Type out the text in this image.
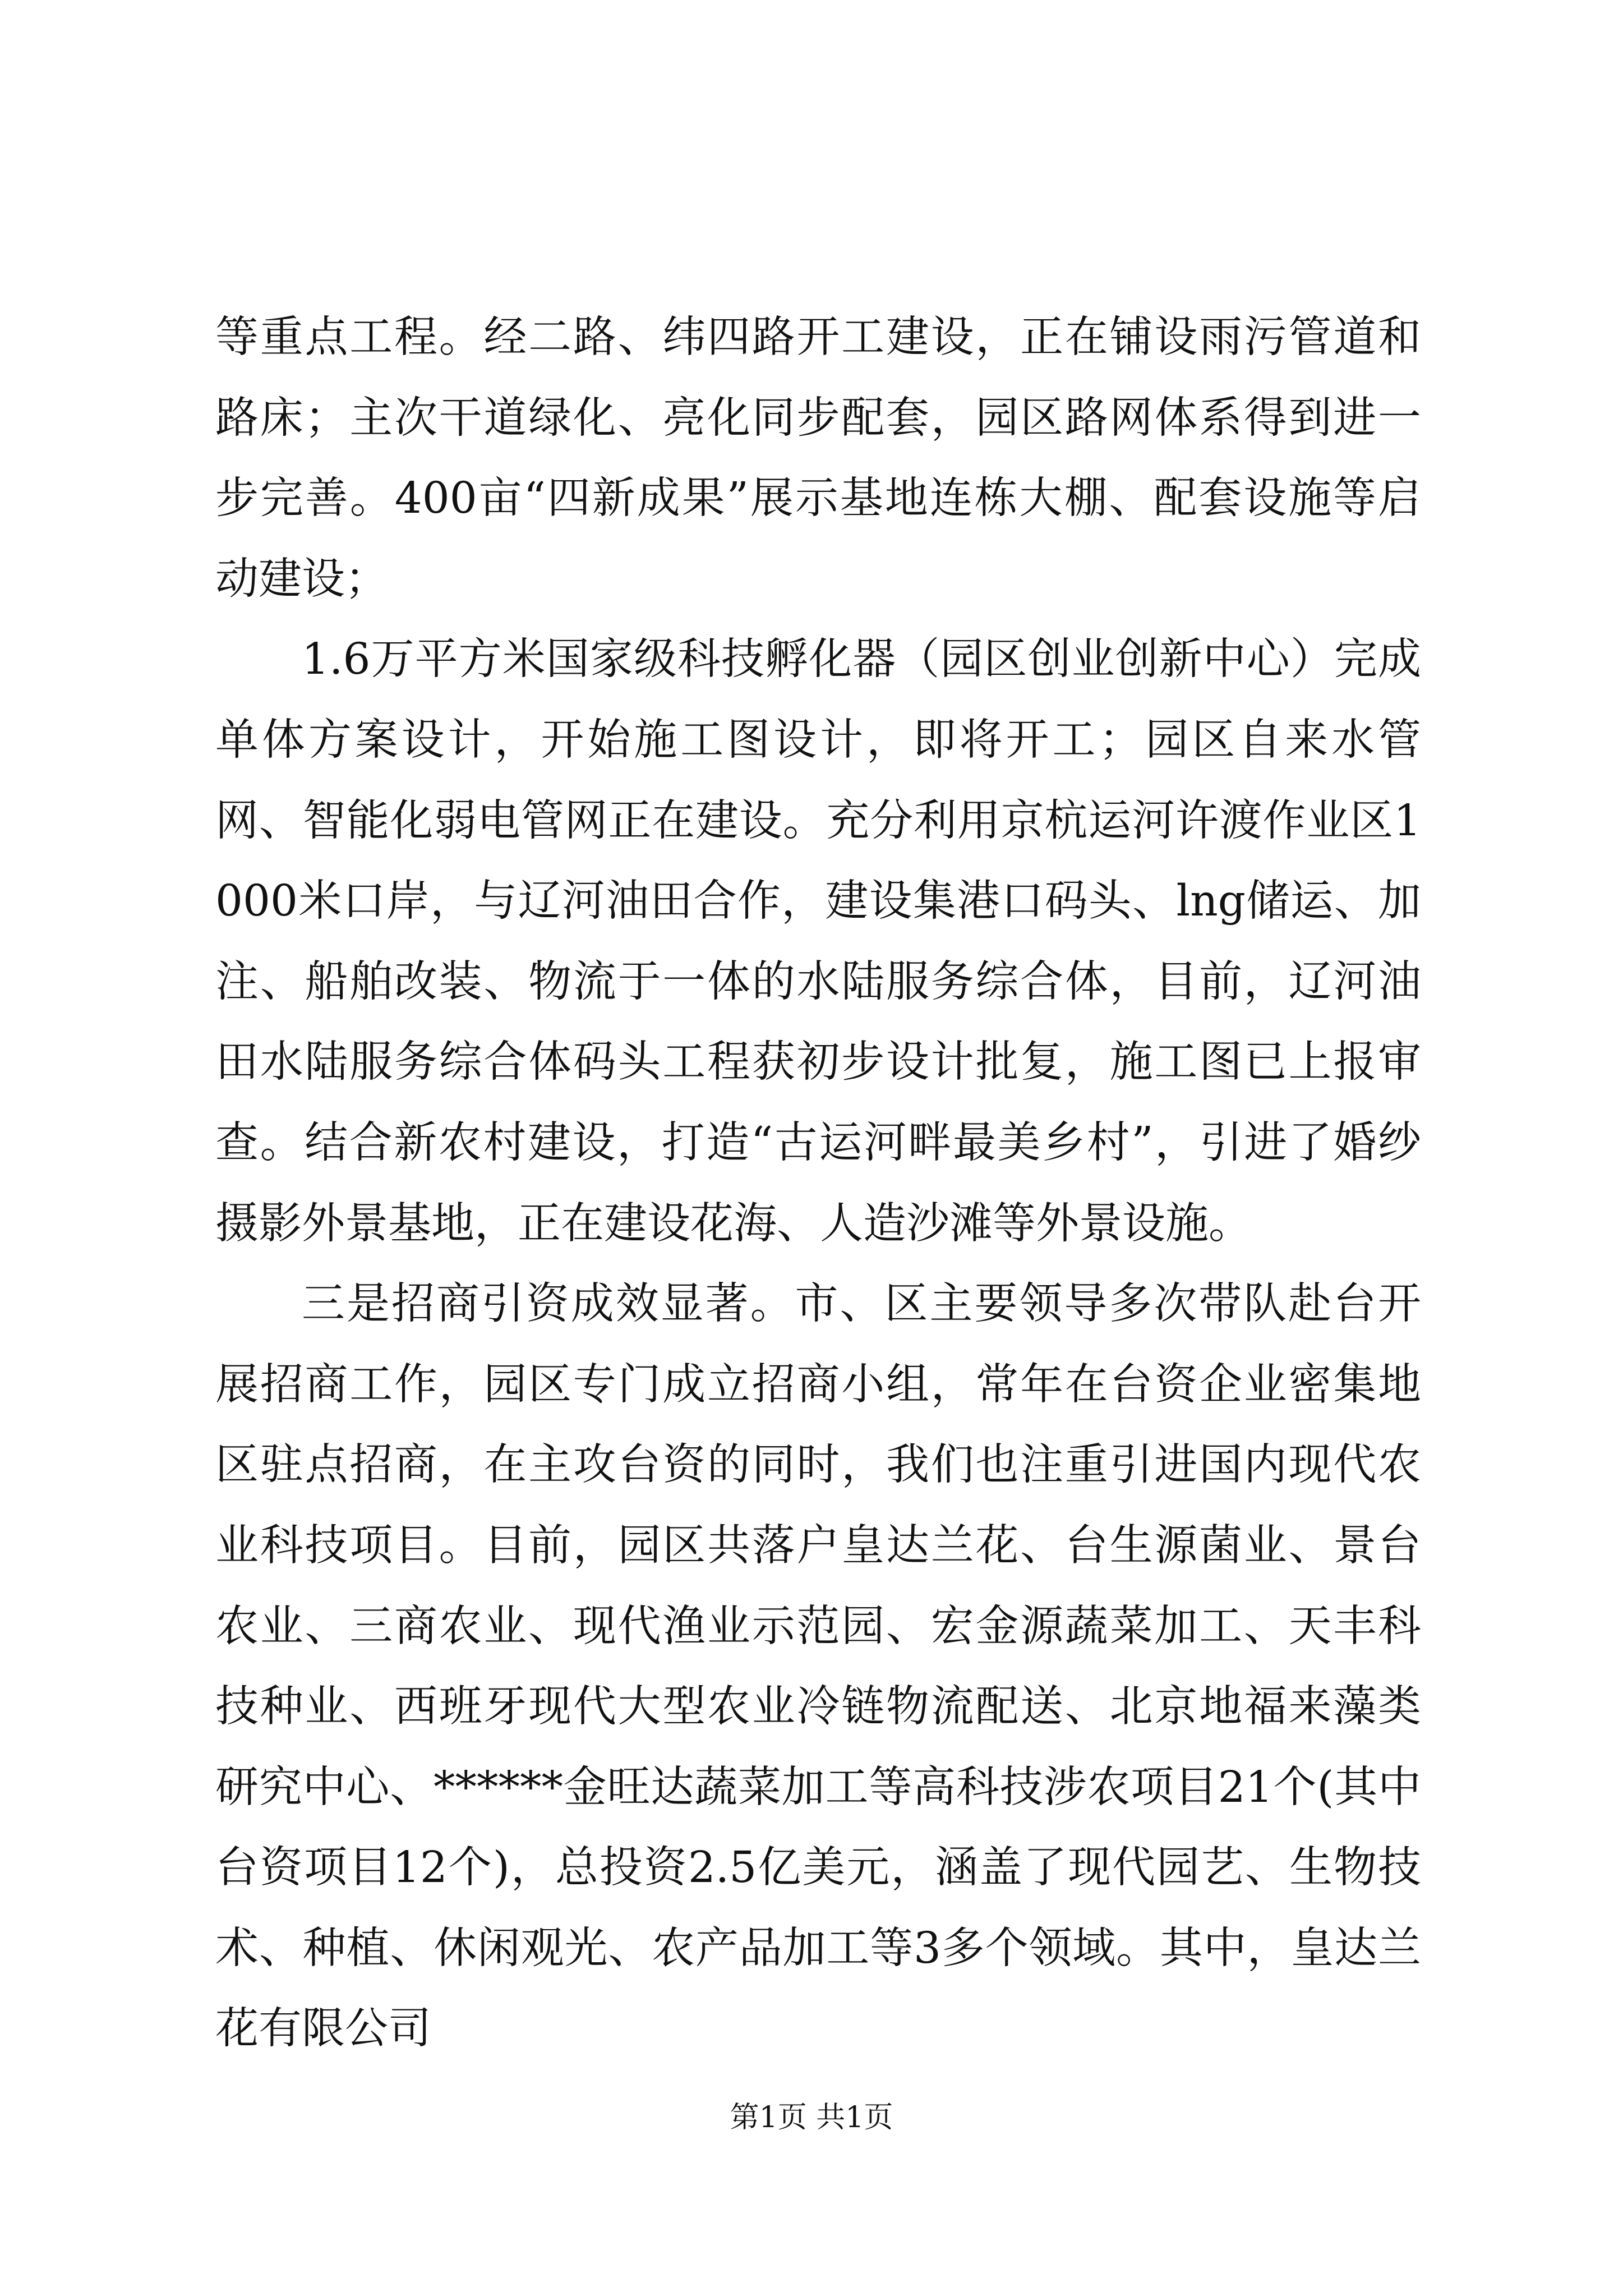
等重点工程。经二路、纬四路开工建设，正在铺设雨污管道和路床；主次干道绿化、亮化同步配套，园区路网体系得到进一步完善。400亩“四新成果”展示基地连栋大棚、配套设施等启动建设；

1.6万平方米国家级科技孵化器（园区创业创新中心）完成单体方案设计，开始施工图设计，即将开工；园区自来水管网、智能化弱电管网正在建设。充分利用京杭运河许渡作业区1000米口岸，与辽河油田合作，建设集港口码头、lng储运、加注、船舶改装、物流于一体的水陆服务综合体，目前，辽河油田水陆服务综合体码头工程获初步设计批复，施工图已上报审查。结合新农村建设，打造“古运河畔最美乡村”，引进了婚纱摄影外景基地，正在建设花海、人造沙滩等外景设施。

三是招商引资成效显著。市、区主要领导多次带队赴台开展招商工作，园区专门成立招商小组，常年在台资企业密集地区驻点招商，在主攻台资的同时，我们也注重引进国内现代农业科技项目。目前，园区共落户皇达兰花、台生源菌业、景台农业、三商农业、现代渔业示范园、宏金源蔬菜加工、天丰科技种业、西班牙现代大型农业冷链物流配送、北京地福来藻类研究中心、******金旺达蔬菜加工等高科技涉农项目21个(其中台资项目12个)，总投资2.5亿美元，涵盖了现代园艺、生物技术、种植、休闲观光、农产品加工等3多个领域。其中，皇达兰花有限公司

第1页 共1页
